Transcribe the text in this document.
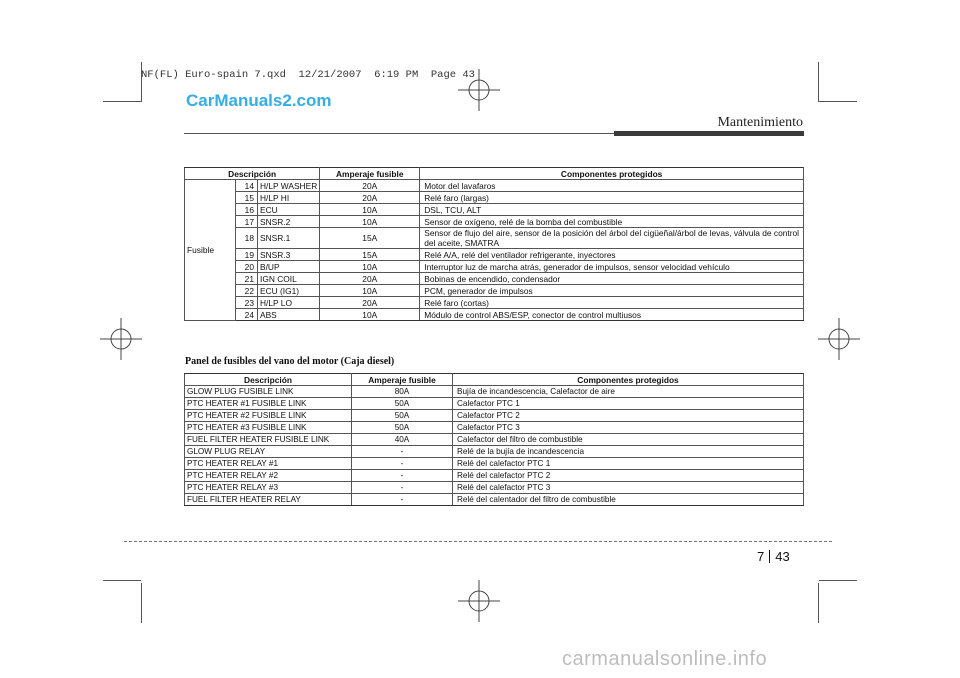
NF(FL) Euro-spain 7.qxd  12/21/2007  6:19 PM  Page 43
CarManuals2.com
Mantenimiento
Descripción			Amperaje fusible	Componentes protegidos
Fusible	14	H/LP WASHER	20A	Motor del lavafaros
	15	H/LP HI	20A	Relé faro (largas)
	16	ECU	10A	DSL, TCU, ALT
	17	SNSR.2	10A	Sensor de oxígeno, relé de la bomba del combustible
	18	SNSR.1	15A	Sensor de flujo del aire, sensor de la posición del árbol del cigüeñal/árbol de levas, válvula de control del aceite, SMATRA
	19	SNSR.3	15A	Relé A/A, relé del ventilador refrigerante, inyectores
	20	B/UP	10A	Interruptor luz de marcha atrás, generador de impulsos, sensor velocidad vehículo
	21	IGN COIL	20A	Bobinas de encendido, condensador
	22	ECU (IG1)	10A	PCM, generador de impulsos
	23	H/LP LO	20A	Relé faro (cortas)
	24	ABS	10A	Módulo de control ABS/ESP, conector de control multiusos
Panel de fusibles del vano del motor (Caja diesel)
Descripción	Amperaje fusible	Componentes protegidos
GLOW PLUG FUSIBLE LINK	80A	Bujía de incandescencia, Calefactor de aire
PTC HEATER #1 FUSIBLE LINK	50A	Calefactor PTC 1
PTC HEATER #2 FUSIBLE LINK	50A	Calefactor PTC 2
PTC HEATER #3 FUSIBLE LINK	50A	Calefactor PTC 3
FUEL FILTER HEATER FUSIBLE LINK	40A	Calefactor del filtro de combustible
GLOW PLUG RELAY	-	Relé de la bujía de incandescencia
PTC HEATER RELAY #1	-	Relé del calefactor PTC 1
PTC HEATER RELAY #2	-	Relé del calefactor PTC 2
PTC HEATER RELAY #3	-	Relé del calefactor PTC 3
FUEL FILTER HEATER RELAY	-	Relé del calentador del filtro de combustible
7 43
carmanualsonline.info
